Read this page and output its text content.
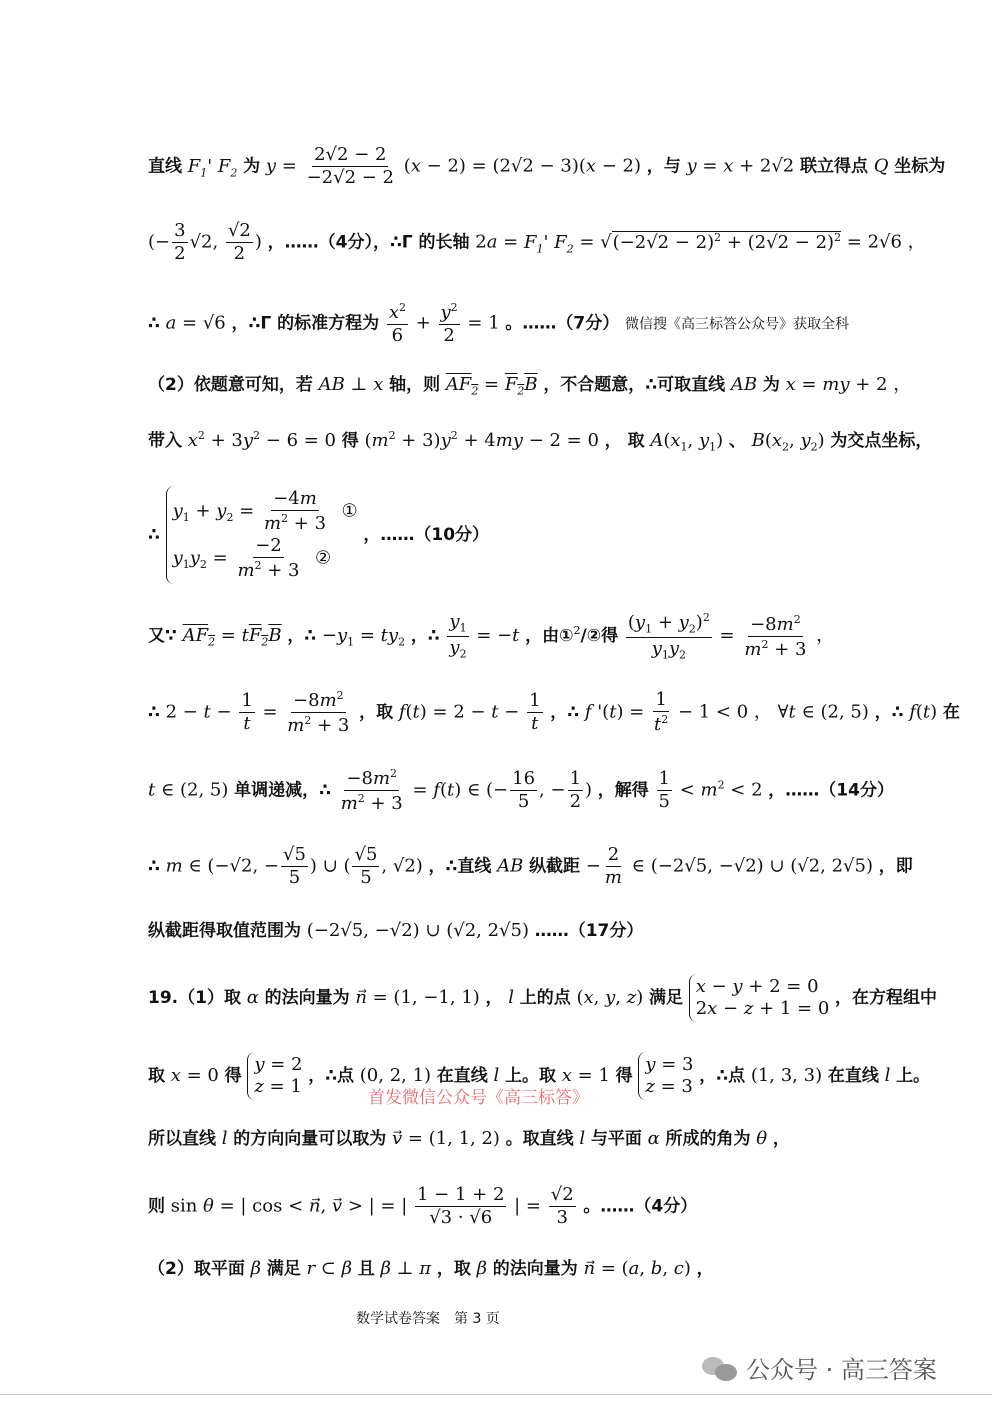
直线 $F_1'$ $F_2$ 为 $y = \frac{2√2 - 2}{-2√2 - 2} (x - 2) = (2√2 - 3)(x - 2)$ ，与 y = x + 2√2 联立得点 Q 坐标为
(− $\frac{3}{2} √2$, $\frac{√2}{2}$ ) ，……（4分），∴Γ 的长轴 $2a = F_1'$ $F_2 = √(-2√2 - 2)^2 + (2√2 - 2)^2 = 2√6$ ，
∴ a = √6 ，∴Γ 的标准方程为 $\frac{x^2}{6} + \frac{y^2}{2} = 1$ 。……（7分） 微信搜《高三标答公众号》获取全科
（2）依题意可知，若 AB ⊥ x 轴，则 $AF_2 = F_2B$ ，不合题意，∴可取直线 AB 为 x = my + 2 ，
带入 $x^2 + 3y^2 - 6 = 0$ 得 $(m^2 + 3)y^2 + 4my - 2 = 0$ ， 取 $A(x_1$, $y_1$) 、 $B(x_2$, $y_2$) 为交点坐标，
∴
$y_1 + y_2 = \frac{-4m}{m^2 + 3}$ ①
$y_1y_2 = \frac{-2}{m^2 + 3}$ ②
，……（10分）
又∵ $AF_2 = tF_2B$ ，∴ $-y_1 = ty_2$ ，∴ $\frac{y_1}{y_2} = -t$ ，由①$^2$/②得 $\frac{(y_1 + y_2)^2}{y_1y_2} = \frac{-8m^2}{m^2 + 3}$ ，
∴ $2 - t - \frac{1}{t} = \frac{-8m^2}{m^2 + 3}$ ，取 $f(t) = 2 - t - \frac{1}{t}$ ，∴ f '$(t) = \frac{1}{t^2} - 1 < 0$ ， ∀t ∈ (2, 5) ，∴ f(t) 在
t ∈ (2, 5) 单调递减，∴ $\frac{-8m^2}{m^2 + 3} = f(t)$ ∈ (− $\frac{16}{5}$ , − $\frac{1}{2}$ ) ，解得 $\frac{1}{5} < m^2 < 2$ ，……（14分）
∴ m ∈ (−√2, − $\frac{√5}{5}$ ) ∪ ( $\frac{√5}{5}$ , √2) ，∴直线 AB 纵截距 − $\frac{2}{m}$ ∈ (−2√5, −√2) ∪ (√2, 2√5) ，即
纵截距得取值范围为 (−2√5, −√2) ∪ (√2, 2√5) ……（17分）
19.（1）取 α 的法向量为 n⃗ = (1, −1, 1) ， l 上的点 (x, y, z) 满足
x − y + 2 = 0
2x − z + 1 = 0 ，在方程组中
取 x = 0 得
y = 2
z = 1 ，∴点 (0, 2, 1) 在直线 l 上。取 x = 1 得
y = 3
z = 3 ，∴点 (1, 3, 3) 在直线 l 上。
首发微信公众号《高三标答》
所以直线 l 的方向向量可以取为 v⃗ = (1, 1, 2) 。取直线 l 与平面 α 所成的角为 θ ，
则 sin θ = | cos < n⃗, v⃗ > | = | $\frac{1 - 1 + 2}{√3 \cdot √6}$ | = $\frac{√2}{3}$ 。……（4分）
（2）取平面 β 满足 r ⊂ β 且 β ⊥ π ，取 β 的法向量为 n⃗ = (a, b, c) ，
数学试卷答案　第 3 页
公众号 · 高三答案
